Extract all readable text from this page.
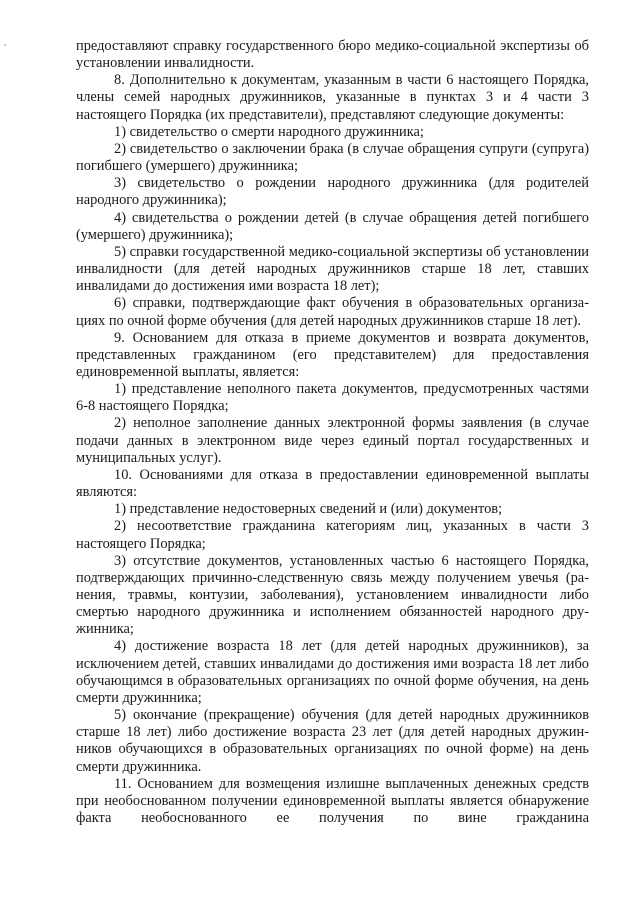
предоставляют справку государственного бюро медико-социальной экспертизы об установлении инвалидности.

8. Дополнительно к документам, указанным в части 6 настоящего Порядка, члены семей народных дружинников, указанные в пунктах 3 и 4 части 3 настоящего Порядка (их представители), представляют следующие документы:

1) свидетельство о смерти народного дружинника;

2) свидетельство о заключении брака (в случае обращения супруги (супруга) погибшего (умершего) дружинника;

3) свидетельство о рождении народного дружинника (для родителей народного дружинника);

4) свидетельства о рождении детей (в случае обращения детей погибшего (умершего) дружинника);

5) справки государственной медико-социальной экспертизы об установлении инвалидности (для детей народных дружинников старше 18 лет, ставших инвалидами до достижения ими возраста 18 лет);

6) справки, подтверждающие факт обучения в образовательных организациях по очной форме обучения (для детей народных дружинников старше 18 лет).

9. Основанием для отказа в приеме документов и возврата документов, представленных гражданином (его представителем) для предоставления единовременной выплаты, является:

1) представление неполного пакета документов, предусмотренных частями 6-8 настоящего Порядка;

2) неполное заполнение данных электронной формы заявления (в случае подачи данных в электронном виде через единый портал государственных и муниципальных услуг).

10. Основаниями для отказа в предоставлении единовременной выплаты являются:

1) представление недостоверных сведений и (или) документов;

2) несоответствие гражданина категориям лиц, указанных в части 3 настоящего Порядка;

3) отсутствие документов, установленных частью 6 настоящего Порядка, подтверждающих причинно-следственную связь между получением увечья (ранения, травмы, контузии, заболевания), установлением инвалидности либо смертью народного дружинника и исполнением обязанностей народного дружинника;

4) достижение возраста 18 лет (для детей народных дружинников), за исключением детей, ставших инвалидами до достижения ими возраста 18 лет либо обучающимся в образовательных организациях по очной форме обучения, на день смерти дружинника;

5) окончание (прекращение) обучения (для детей народных дружинников старше 18 лет) либо достижение возраста 23 лет (для детей народных дружинников обучающихся в образовательных организациях по очной форме) на день смерти дружинника.

11. Основанием для возмещения излишне выплаченных денежных средств при необоснованном получении единовременной выплаты является обнаружение факта необоснованного ее получения по вине гражданина
